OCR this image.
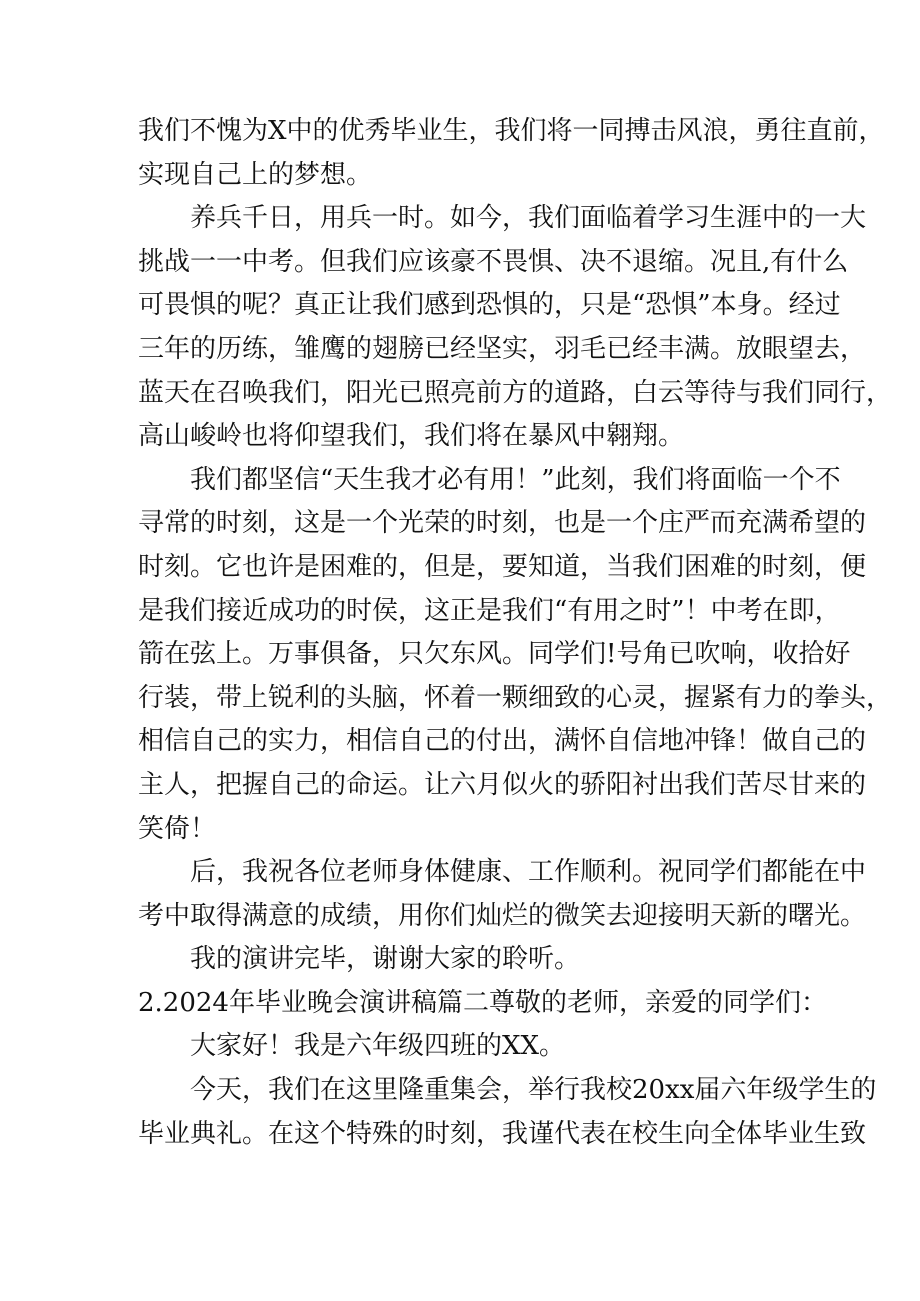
我们不愧为X中的优秀毕业生，我们将一同搏击风浪，勇往直前，
实现自己上的梦想。
养兵千日，用兵一时。如今，我们面临着学习生涯中的一大
挑战一一中考。但我们应该豪不畏惧、决不退缩。况且,有什么
可畏惧的呢？真正让我们感到恐惧的，只是“恐惧”本身。经过
三年的历练，雏鹰的翅膀已经坚实，羽毛已经丰满。放眼望去，
蓝天在召唤我们，阳光已照亮前方的道路，白云等待与我们同行，
高山峻岭也将仰望我们，我们将在暴风中翱翔。
我们都坚信“天生我才必有用！”此刻，我们将面临一个不
寻常的时刻，这是一个光荣的时刻，也是一个庄严而充满希望的
时刻。它也许是困难的，但是，要知道，当我们困难的时刻，便
是我们接近成功的时侯，这正是我们“有用之时”！中考在即，
箭在弦上。万事俱备，只欠东风。同学们!号角已吹响，收拾好
行装，带上锐利的头脑，怀着一颗细致的心灵，握紧有力的拳头，
相信自己的实力，相信自己的付出，满怀自信地冲锋！做自己的
主人，把握自己的命运。让六月似火的骄阳衬出我们苦尽甘来的
笑倚！
后，我祝各位老师身体健康、工作顺利。祝同学们都能在中
考中取得满意的成绩，用你们灿烂的微笑去迎接明天新的曙光。
我的演讲完毕，谢谢大家的聆听。
2.2024年毕业晚会演讲稿篇二尊敬的老师，亲爱的同学们：
大家好！我是六年级四班的XX。
今天，我们在这里隆重集会，举行我校20xx届六年级学生的
毕业典礼。在这个特殊的时刻，我谨代表在校生向全体毕业生致
